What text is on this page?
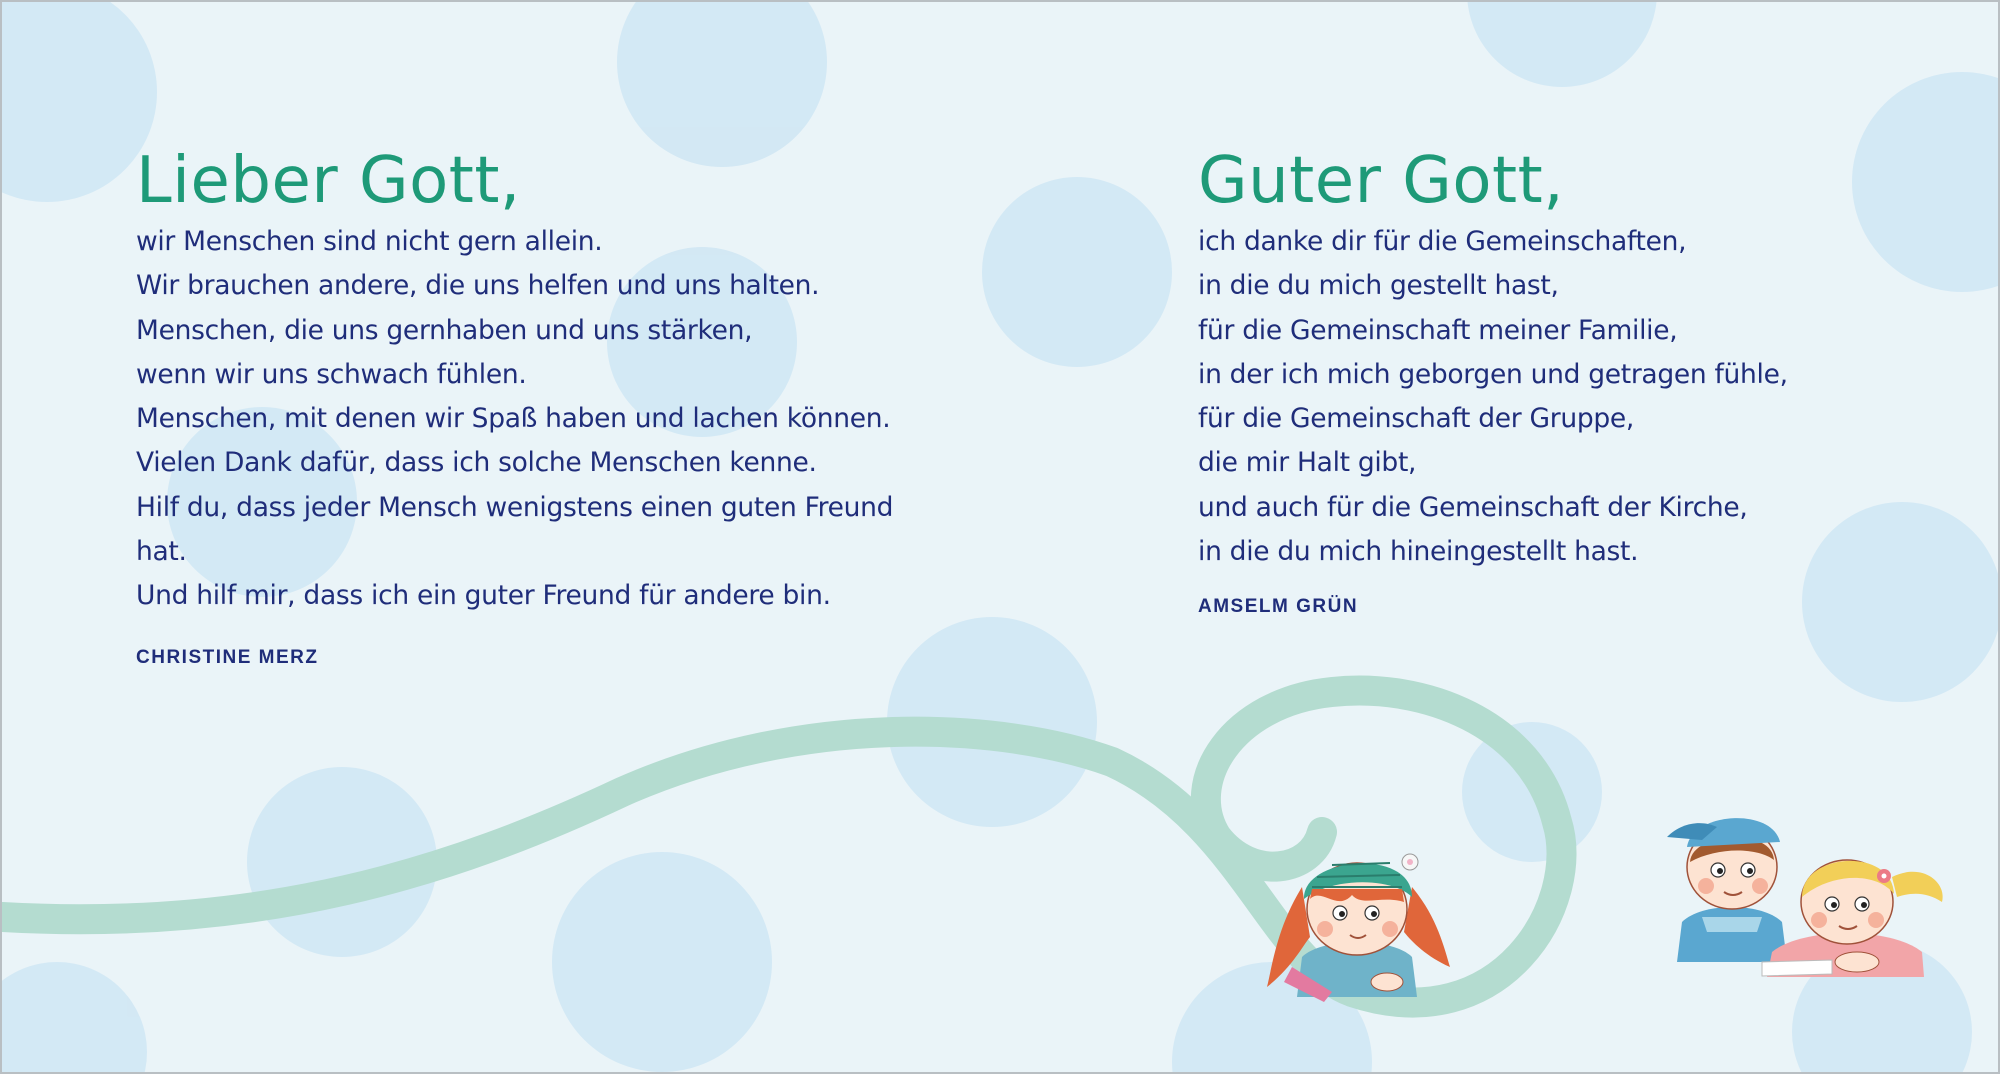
Lieber Gott,
wir Menschen sind nicht gern allein.
Wir brauchen andere, die uns helfen und uns halten.
Menschen, die uns gernhaben und uns stärken,
wenn wir uns schwach fühlen.
Menschen, mit denen wir Spaß haben und lachen können.
Vielen Dank dafür, dass ich solche Menschen kenne.
Hilf du, dass jeder Mensch wenigstens einen guten Freund
hat.
Und hilf mir, dass ich ein guter Freund für andere bin.
CHRISTINE MERZ
Guter Gott,
ich danke dir für die Gemeinschaften,
in die du mich gestellt hast,
für die Gemeinschaft meiner Familie,
in der ich mich geborgen und getragen fühle,
für die Gemeinschaft der Gruppe,
die mir Halt gibt,
und auch für die Gemeinschaft der Kirche,
in die du mich hineingestellt hast.
AMSELM GRÜN
